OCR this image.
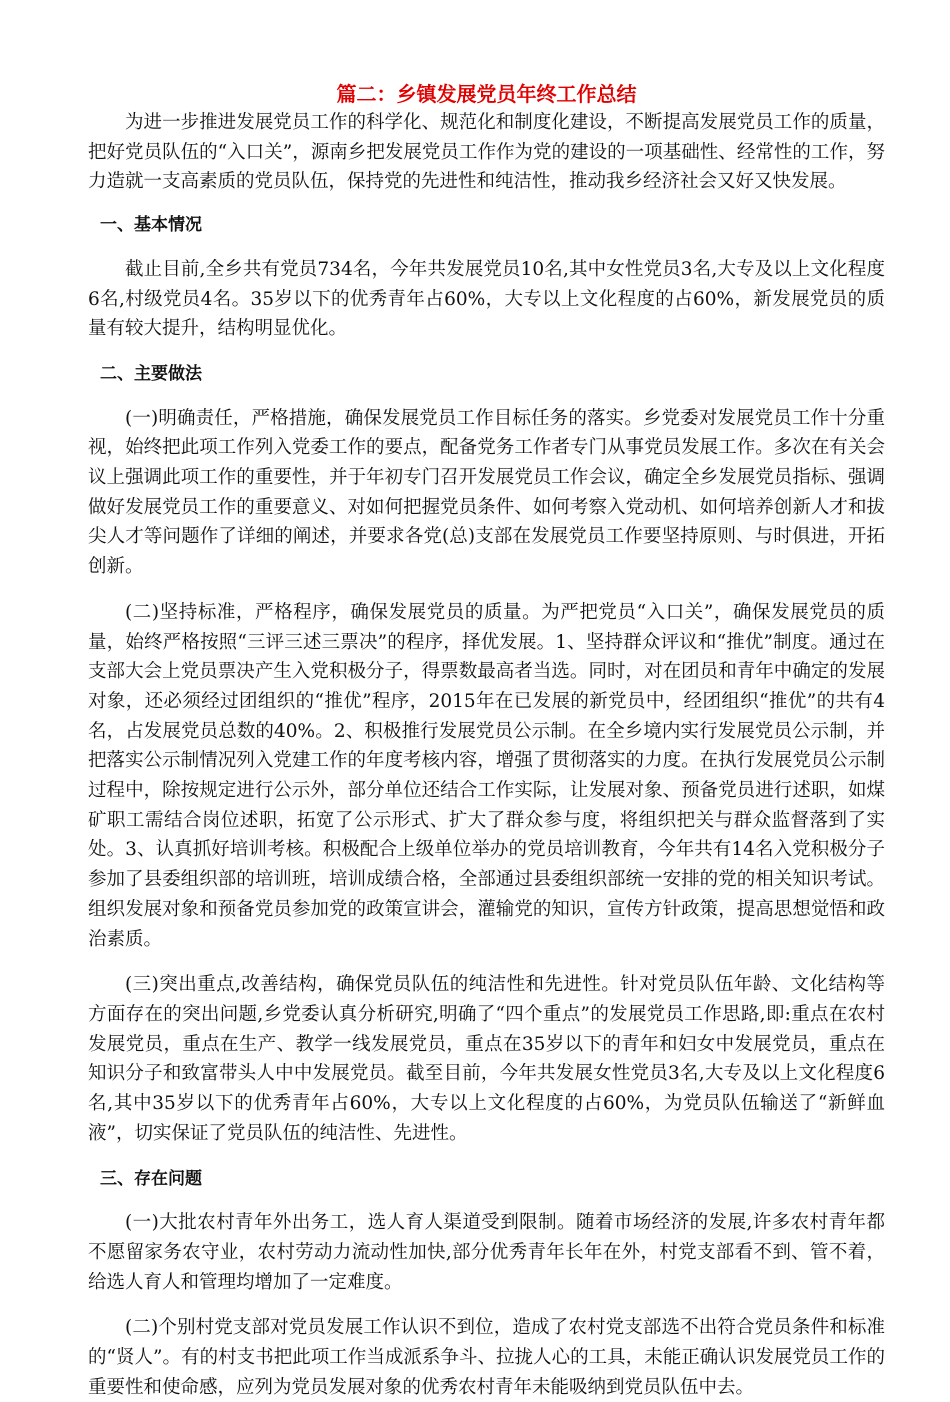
篇二：乡镇发展党员年终工作总结

为进一步推进发展党员工作的科学化、规范化和制度化建设，不断提高发展党员工作的质量，把好党员队伍的“入口关”，源南乡把发展党员工作作为党的建设的一项基础性、经常性的工作，努力造就一支高素质的党员队伍，保持党的先进性和纯洁性，推动我乡经济社会又好又快发展。

一、基本情况

截止目前,全乡共有党员734名，今年共发展党员10名,其中女性党员3名,大专及以上文化程度6名,村级党员4名。35岁以下的优秀青年占60%，大专以上文化程度的占60%，新发展党员的质量有较大提升，结构明显优化。

二、主要做法

(一)明确责任，严格措施，确保发展党员工作目标任务的落实。乡党委对发展党员工作十分重视，始终把此项工作列入党委工作的要点，配备党务工作者专门从事党员发展工作。多次在有关会议上强调此项工作的重要性，并于年初专门召开发展党员工作会议，确定全乡发展党员指标、强调做好发展党员工作的重要意义、对如何把握党员条件、如何考察入党动机、如何培养创新人才和拔尖人才等问题作了详细的阐述，并要求各党(总)支部在发展党员工作要坚持原则、与时俱进，开拓创新。

(二)坚持标准，严格程序，确保发展党员的质量。为严把党员“入口关”，确保发展党员的质量，始终严格按照“三评三述三票决”的程序，择优发展。1、坚持群众评议和“推优”制度。通过在支部大会上党员票决产生入党积极分子，得票数最高者当选。同时，对在团员和青年中确定的发展对象，还必须经过团组织的“推优”程序，2015年在已发展的新党员中，经团组织“推优”的共有4名，占发展党员总数的40%。2、积极推行发展党员公示制。在全乡境内实行发展党员公示制，并把落实公示制情况列入党建工作的年度考核内容，增强了贯彻落实的力度。在执行发展党员公示制过程中，除按规定进行公示外，部分单位还结合工作实际，让发展对象、预备党员进行述职，如煤矿职工需结合岗位述职，拓宽了公示形式、扩大了群众参与度，将组织把关与群众监督落到了实处。3、认真抓好培训考核。积极配合上级单位举办的党员培训教育，今年共有14名入党积极分子参加了县委组织部的培训班，培训成绩合格，全部通过县委组织部统一安排的党的相关知识考试。组织发展对象和预备党员参加党的政策宣讲会，灌输党的知识，宣传方针政策，提高思想觉悟和政治素质。

(三)突出重点,改善结构，确保党员队伍的纯洁性和先进性。针对党员队伍年龄、文化结构等方面存在的突出问题,乡党委认真分析研究,明确了“四个重点”的发展党员工作思路,即:重点在农村发展党员，重点在生产、教学一线发展党员，重点在35岁以下的青年和妇女中发展党员，重点在知识分子和致富带头人中中发展党员。截至目前，今年共发展女性党员3名,大专及以上文化程度6名,其中35岁以下的优秀青年占60%，大专以上文化程度的占60%，为党员队伍输送了“新鲜血液”，切实保证了党员队伍的纯洁性、先进性。

三、存在问题

(一)大批农村青年外出务工，选人育人渠道受到限制。随着市场经济的发展,许多农村青年都不愿留家务农守业，农村劳动力流动性加快,部分优秀青年长年在外，村党支部看不到、管不着，给选人育人和管理均增加了一定难度。

(二)个别村党支部对党员发展工作认识不到位，造成了农村党支部选不出符合党员条件和标准的“贤人”。有的村支书把此项工作当成派系争斗、拉拢人心的工具，未能正确认识发展党员工作的重要性和使命感，应列为党员发展对象的优秀农村青年未能吸纳到党员队伍中去。
